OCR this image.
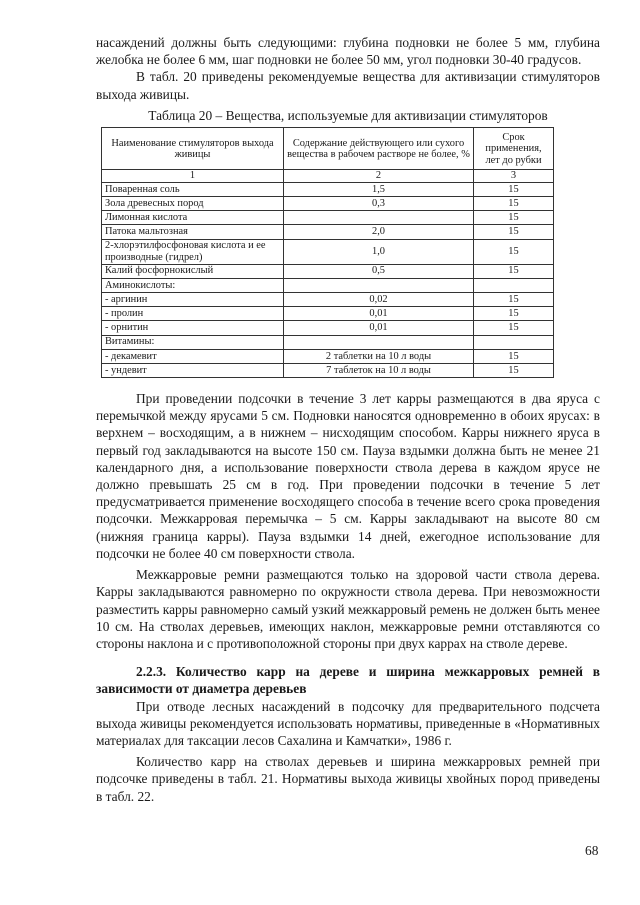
насаждений должны быть следующими: глубина подновки не более 5 мм, глубина желобка не более 6 мм, шаг подновки не более 50 мм, угол подновки 30-40 градусов.

В табл. 20 приведены рекомендуемые вещества для активизации стимуляторов выхода живицы.

Таблица 20 – Вещества, используемые для активизации стимуляторов
Наименование стимуляторов выхода живицы	Содержание действующего или сухого вещества в рабочем растворе не более, %	Срок применения, лет до рубки
1	2	3
Поваренная соль	1,5	15
Зола древесных пород	0,3	15
Лимонная кислота		15
Патока мальтозная	2,0	15
2-хлорэтилфосфоновая кислота и ее производные (гидрел)	1,0	15
Калий фосфорнокислый	0,5	15
Аминокислоты:		
- аргинин	0,02	15
- пролин	0,01	15
- орнитин	0,01	15
Витамины:		
- декамевит	2 таблетки на 10 л воды	15
- ундевит	7 таблеток на 10 л воды	15

При проведении подсочки в течение 3 лет карры размещаются в два яруса с перемычкой между ярусами 5 см. Подновки наносятся одновременно в обоих ярусах: в верхнем – восходящим, а в нижнем – нисходящим способом. Карры нижнего яруса в первый год закладываются на высоте 150 см. Пауза вздымки должна быть не менее 21 календарного дня, а использование поверхности ствола дерева в каждом ярусе не должно превышать 25 см в год. При проведении подсочки в течение 5 лет предусматривается применение восходящего способа в течение всего срока проведения подсочки. Межкарровая перемычка – 5 см. Карры закладывают на высоте 80 см (нижняя граница карры). Пауза вздымки 14 дней, ежегодное использование для подсочки не более 40 см поверхности ствола.

Межкарровые ремни размещаются только на здоровой части ствола дерева. Карры закладываются равномерно по окружности ствола дерева. При невозможности разместить карры равномерно самый узкий межкарровый ремень не должен быть менее 10 см. На стволах деревьев, имеющих наклон, межкарровые ремни отставляются со стороны наклона и с противоположной стороны при двух каррах на стволе дереве.

2.2.3. Количество карр на дереве и ширина межкарровых ремней в зависимости от диаметра деревьев

При отводе лесных насаждений в подсочку для предварительного подсчета выхода живицы рекомендуется использовать нормативы, приведенные в «Нормативных материалах для таксации лесов Сахалина и Камчатки», 1986 г.

Количество карр на стволах деревьев и ширина межкарровых ремней при подсочке приведены в табл. 21. Нормативы выхода живицы хвойных пород приведены в табл. 22.

68
